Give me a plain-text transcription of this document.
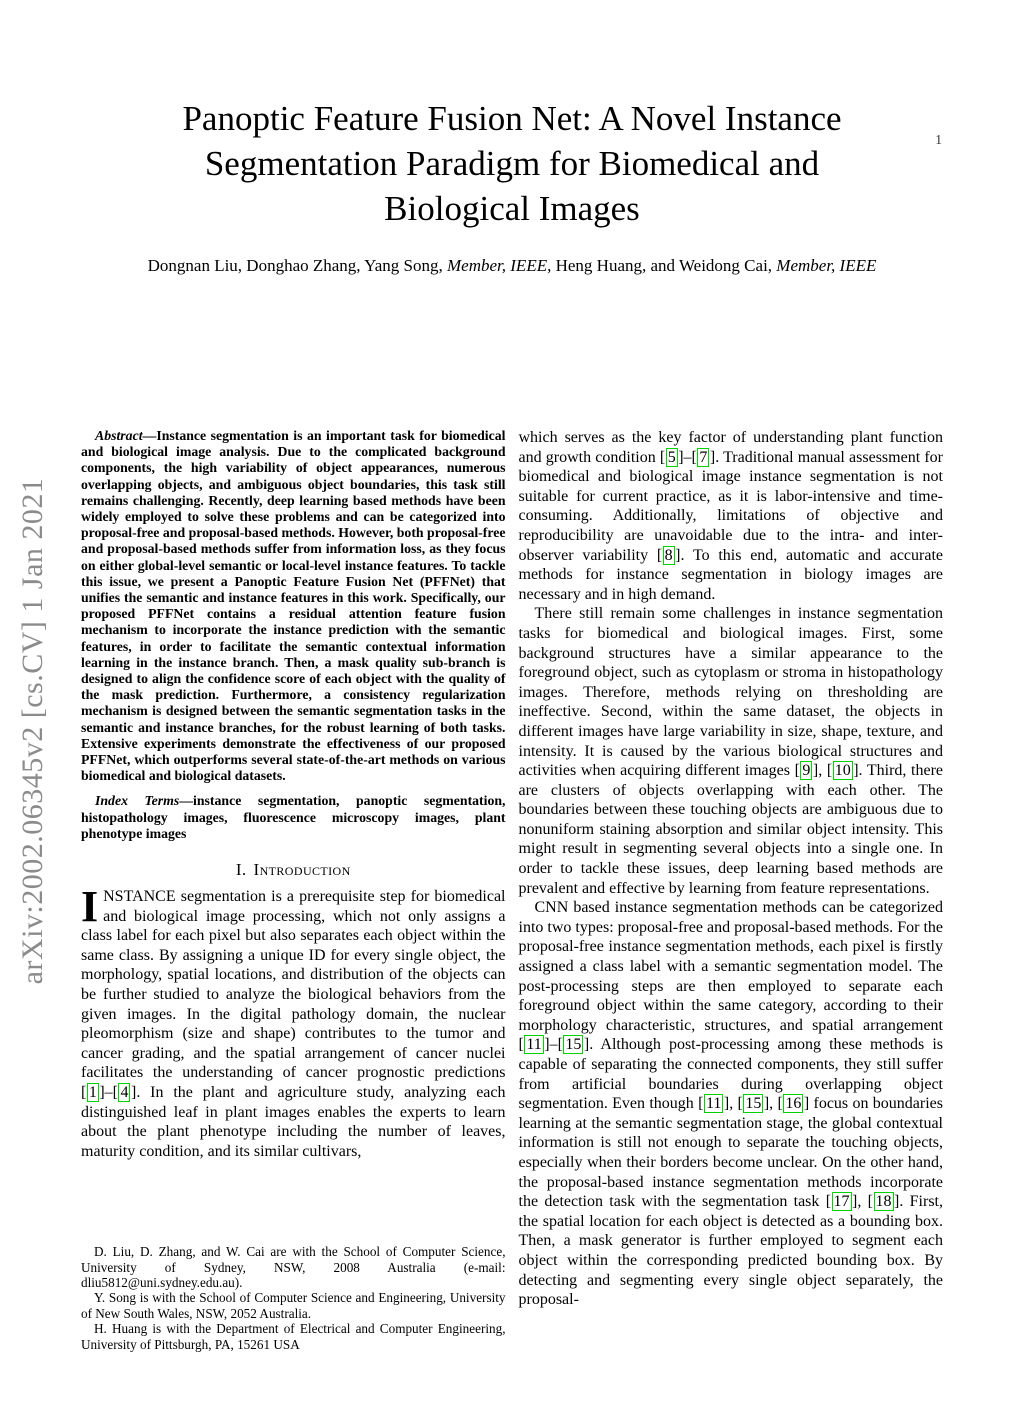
1
arXiv:2002.06345v2 [cs.CV] 1 Jan 2021
Panoptic Feature Fusion Net: A Novel Instance
Segmentation Paradigm for Biomedical and
Biological Images
Dongnan Liu, Donghao Zhang, Yang Song, Member, IEEE, Heng Huang, and Weidong Cai, Member, IEEE

Abstract—Instance segmentation is an important task for biomedical and biological image analysis. Due to the complicated background components, the high variability of object appearances, numerous overlapping objects, and ambiguous object boundaries, this task still remains challenging. Recently, deep learning based methods have been widely employed to solve these problems and can be categorized into proposal-free and proposal-based methods. However, both proposal-free and proposal-based methods suffer from information loss, as they focus on either global-level semantic or local-level instance features. To tackle this issue, we present a Panoptic Feature Fusion Net (PFFNet) that unifies the semantic and instance features in this work. Specifically, our proposed PFFNet contains a residual attention feature fusion mechanism to incorporate the instance prediction with the semantic features, in order to facilitate the semantic contextual information learning in the instance branch. Then, a mask quality sub-branch is designed to align the confidence score of each object with the quality of the mask prediction. Furthermore, a consistency regularization mechanism is designed between the semantic segmentation tasks in the semantic and instance branches, for the robust learning of both tasks. Extensive experiments demonstrate the effectiveness of our proposed PFFNet, which outperforms several state-of-the-art methods on various biomedical and biological datasets.

Index Terms—instance segmentation, panoptic segmentation, histopathology images, fluorescence microscopy images, plant phenotype images

I. Introduction

INSTANCE segmentation is a prerequisite step for biomedical and biological image processing, which not only assigns a class label for each pixel but also separates each object within the same class. By assigning a unique ID for every single object, the morphology, spatial locations, and distribution of the objects can be further studied to analyze the biological behaviors from the given images. In the digital pathology domain, the nuclear pleomorphism (size and shape) contributes to the tumor and cancer grading, and the spatial arrangement of cancer nuclei facilitates the understanding of cancer prognostic predictions [ 1 ]–[ 4 ]. In the plant and agriculture study, analyzing each distinguished leaf in plant images enables the experts to learn about the plant phenotype including the number of leaves, maturity condition, and its similar cultivars,

D. Liu, D. Zhang, and W. Cai are with the School of Computer Science, University of Sydney, NSW, 2008 Australia (e-mail: dliu5812@uni.sydney.edu.au).

Y. Song is with the School of Computer Science and Engineering, University of New South Wales, NSW, 2052 Australia.

H. Huang is with the Department of Electrical and Computer Engineering, University of Pittsburgh, PA, 15261 USA

which serves as the key factor of understanding plant function and growth condition [ 5 ]–[ 7 ]. Traditional manual assessment for biomedical and biological image instance segmentation is not suitable for current practice, as it is labor-intensive and time-consuming. Additionally, limitations of objective and reproducibility are unavoidable due to the intra- and inter-observer variability [ 8 ]. To this end, automatic and accurate methods for instance segmentation in biology images are necessary and in high demand.

There still remain some challenges in instance segmentation tasks for biomedical and biological images. First, some background structures have a similar appearance to the foreground object, such as cytoplasm or stroma in histopathology images. Therefore, methods relying on thresholding are ineffective. Second, within the same dataset, the objects in different images have large variability in size, shape, texture, and intensity. It is caused by the various biological structures and activities when acquiring different images [ 9 ], [ 10 ]. Third, there are clusters of objects overlapping with each other. The boundaries between these touching objects are ambiguous due to nonuniform staining absorption and similar object intensity. This might result in segmenting several objects into a single one. In order to tackle these issues, deep learning based methods are prevalent and effective by learning from feature representations.

CNN based instance segmentation methods can be categorized into two types: proposal-free and proposal-based methods. For the proposal-free instance segmentation methods, each pixel is firstly assigned a class label with a semantic segmentation model. The post-processing steps are then employed to separate each foreground object within the same category, according to their morphology characteristic, structures, and spatial arrangement [ 11 ]–[ 15 ]. Although post-processing among these methods is capable of separating the connected components, they still suffer from artificial boundaries during overlapping object segmentation. Even though [ 11 ], [ 15 ], [ 16 ] focus on boundaries learning at the semantic segmentation stage, the global contextual information is still not enough to separate the touching objects, especially when their borders become unclear. On the other hand, the proposal-based instance segmentation methods incorporate the detection task with the segmentation task [ 17 ], [ 18 ]. First, the spatial location for each object is detected as a bounding box. Then, a mask generator is further employed to segment each object within the corresponding predicted bounding box. By detecting and segmenting every single object separately, the proposal-
